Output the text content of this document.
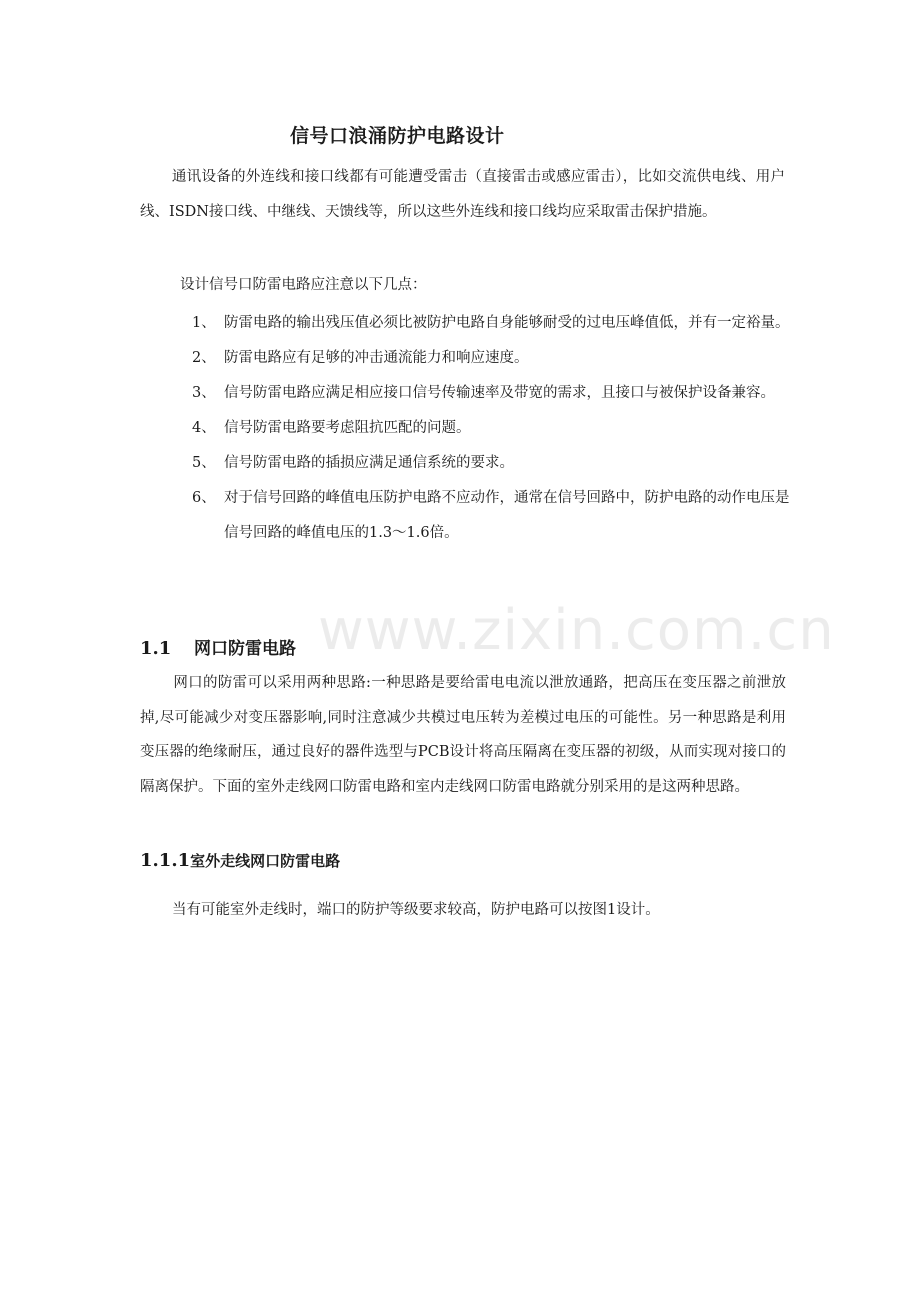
信号口浪涌防护电路设计

通讯设备的外连线和接口线都有可能遭受雷击（直接雷击或感应雷击），比如交流供电线、用户线、ISDN接口线、中继线、天馈线等，所以这些外连线和接口线均应采取雷击保护措施。

设计信号口防雷电路应注意以下几点：

1、 防雷电路的输出残压值必须比被防护电路自身能够耐受的过电压峰值低，并有一定裕量。
2、 防雷电路应有足够的冲击通流能力和响应速度。
3、 信号防雷电路应满足相应接口信号传输速率及带宽的需求，且接口与被保护设备兼容。
4、 信号防雷电路要考虑阻抗匹配的问题。
5、 信号防雷电路的插损应满足通信系统的要求。
6、 对于信号回路的峰值电压防护电路不应动作，通常在信号回路中，防护电路的动作电压是信号回路的峰值电压的1.3～1.6倍。
www.zixin.com.cn
1.1	网口防雷电路

网口的防雷可以采用两种思路:一种思路是要给雷电电流以泄放通路，把高压在变压器之前泄放掉,尽可能减少对变压器影响,同时注意减少共模过电压转为差模过电压的可能性。另一种思路是利用变压器的绝缘耐压，通过良好的器件选型与PCB设计将高压隔离在变压器的初级，从而实现对接口的隔离保护。下面的室外走线网口防雷电路和室内走线网口防雷电路就分别采用的是这两种思路。

1.1.1 室外走线网口防雷电路

当有可能室外走线时，端口的防护等级要求较高，防护电路可以按图1设计。
